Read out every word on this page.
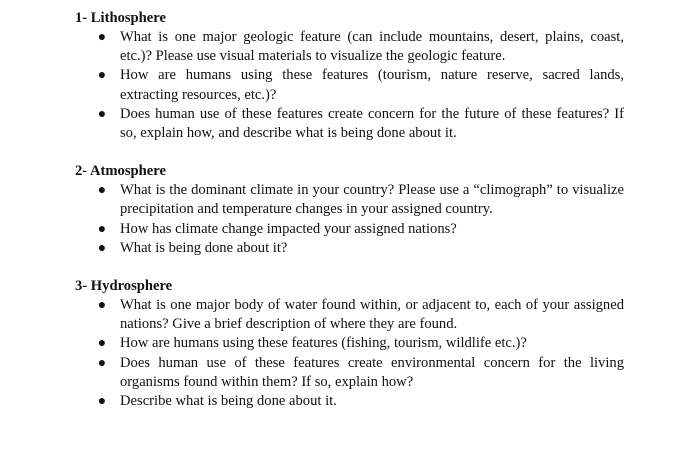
1- Lithosphere
● What is one major geologic feature (can include mountains, desert, plains, coast, etc.)? Please use visual materials to visualize the geologic feature.
● How are humans using these features (tourism, nature reserve, sacred lands, extracting resources, etc.)?
● Does human use of these features create concern for the future of these features? If so, explain how, and describe what is being done about it.
2- Atmosphere
● What is the dominant climate in your country? Please use a “climograph” to visualize precipitation and temperature changes in your assigned country.
● How has climate change impacted your assigned nations?
● What is being done about it?
3- Hydrosphere
● What is one major body of water found within, or adjacent to, each of your assigned nations? Give a brief description of where they are found.
● How are humans using these features (fishing, tourism, wildlife etc.)?
● Does human use of these features create environmental concern for the living organisms found within them? If so, explain how?
● Describe what is being done about it.
